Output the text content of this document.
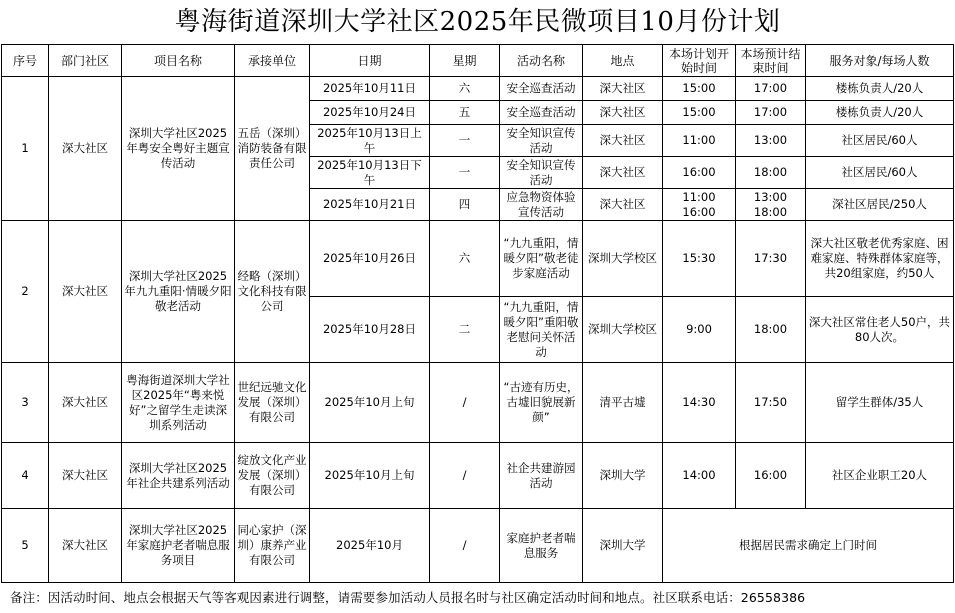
粤海街道深圳大学社区2025年民微项目10月份计划
序号	部门社区	项目名称	承接单位	日期	星期	活动名称	地点	本场计划开始时间	本场预计结束时间	服务对象/每场人数
1	深大社区	深圳大学社区2025年粤安全粤好主题宣传活动	五岳（深圳）消防装备有限责任公司	2025年10月11日	六	安全巡查活动	深大社区	15:00	17:00	楼栋负责人/20人
				2025年10月24日	五	安全巡查活动	深大社区	15:00	17:00	楼栋负责人/20人
				2025年10月13日上午	一	安全知识宣传活动	深大社区	11:00	13:00	社区居民/60人
				2025年10月13日下午	一	安全知识宣传活动	深大社区	16:00	18:00	社区居民/60人
				2025年10月21日	四	应急物资体验宣传活动	深大社区	11:00 16:00	13:00 18:00	深社区居民/250人
2	深大社区	深圳大学社区2025年九九重阳·情暖夕阳敬老活动	经略（深圳）文化科技有限公司	2025年10月26日	六	“九九重阳，情暖夕阳”敬老徒步家庭活动	深圳大学校区	15:30	17:30	深大社区敬老优秀家庭、困难家庭、特殊群体家庭等，共20组家庭，约50人
				2025年10月28日	二	“九九重阳，情暖夕阳”重阳敬老慰问关怀活动	深圳大学校区	9:00	18:00	深大社区常住老人50户，共80人次。
3	深大社区	粤海街道深圳大学社区2025年“粤来悦好”之留学生走读深圳系列活动	世纪远驰文化发展（深圳）有限公司	2025年10月上旬	/	“古迹有历史，古墟旧貌展新颜”	清平古墟	14:30	17:50	留学生群体/35人
4	深大社区	深圳大学社区2025年社企共建系列活动	绽放文化产业发展（深圳）有限公司	2025年10月上旬	/	社企共建游园活动	深圳大学	14:00	16:00	社区企业职工20人
5	深大社区	深圳大学社区2025年家庭护老者喘息服务项目	同心家护（深圳）康养产业有限公司	2025年10月	/	家庭护老者喘息服务	深圳大学	根据居民需求确定上门时间		
备注：因活动时间、地点会根据天气等客观因素进行调整，请需要参加活动人员报名时与社区确定活动时间和地点。社区联系电话：26558386
